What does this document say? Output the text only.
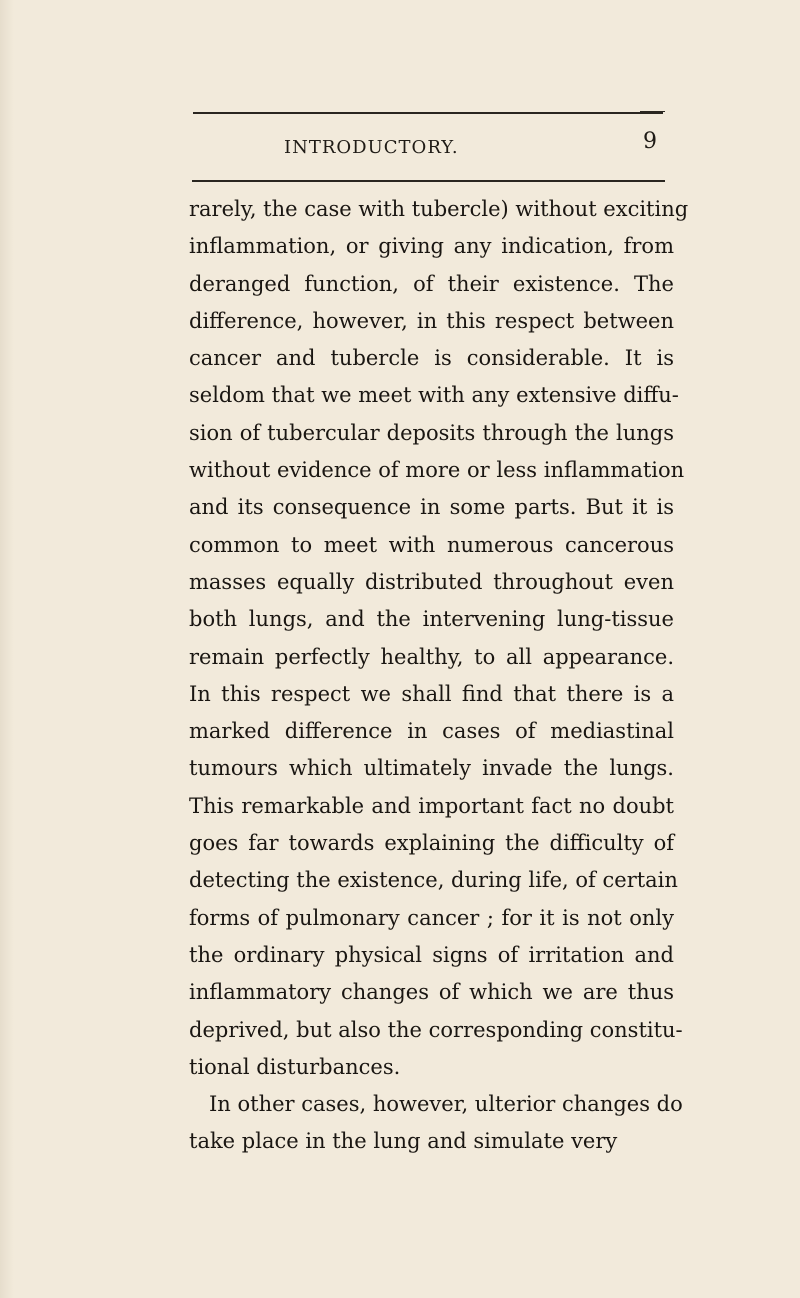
INTRODUCTORY.	9
rarely, the case with tubercle) without exciting
inflammation, or giving any indication, from
deranged function, of their existence. The
difference, however, in this respect between
cancer and tubercle is considerable. It is
seldom that we meet with any extensive diffu-
sion of tubercular deposits through the lungs
without evidence of more or less inflammation
and its consequence in some parts. But it is
common to meet with numerous cancerous
masses equally distributed throughout even
both lungs, and the intervening lung-tissue
remain perfectly healthy, to all appearance.
In this respect we shall find that there is a
marked difference in cases of mediastinal
tumours which ultimately invade the lungs.
This remarkable and important fact no doubt
goes far towards explaining the difficulty of
detecting the existence, during life, of certain
forms of pulmonary cancer ; for it is not only
the ordinary physical signs of irritation and
inflammatory changes of which we are thus
deprived, but also the corresponding constitu-
tional disturbances.
In other cases, however, ulterior changes do
take place in the lung and simulate very
